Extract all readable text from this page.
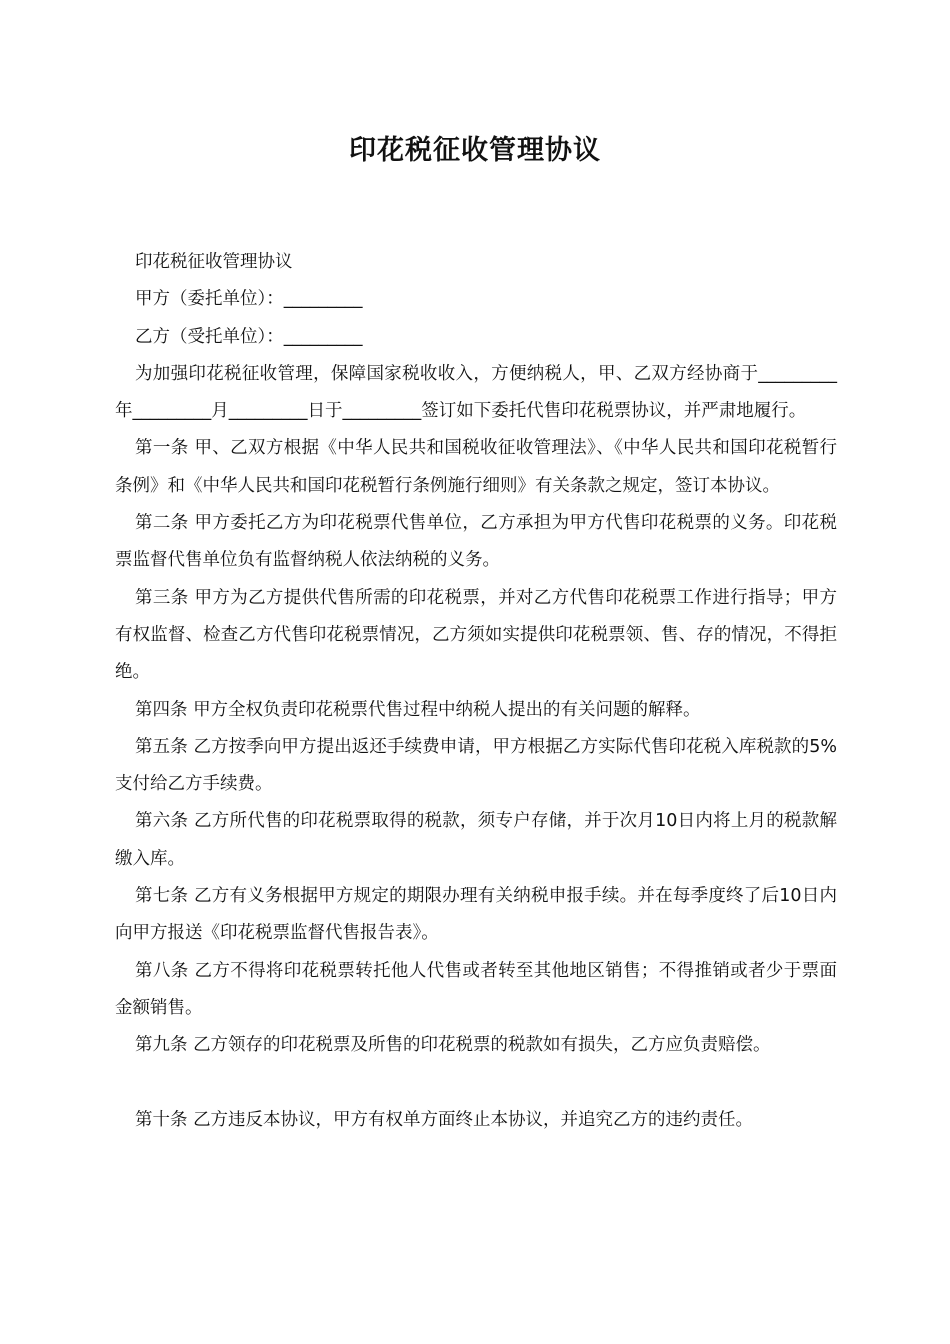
印花税征收管理协议

印花税征收管理协议

甲方（委托单位）：_________

乙方（受托单位）：_________

为加强印花税征收管理，保障国家税收收入，方便纳税人，甲、乙双方经协商于_________年_________月_________日于_________签订如下委托代售印花税票协议，并严肃地履行。

第一条 甲、乙双方根据《中华人民共和国税收征收管理法》、《中华人民共和国印花税暂行条例》和《中华人民共和国印花税暂行条例施行细则》有关条款之规定，签订本协议。

第二条 甲方委托乙方为印花税票代售单位，乙方承担为甲方代售印花税票的义务。印花税票监督代售单位负有监督纳税人依法纳税的义务。

第三条 甲方为乙方提供代售所需的印花税票，并对乙方代售印花税票工作进行指导；甲方有权监督、检查乙方代售印花税票情况，乙方须如实提供印花税票领、售、存的情况，不得拒绝。

第四条 甲方全权负责印花税票代售过程中纳税人提出的有关问题的解释。

第五条 乙方按季向甲方提出返还手续费申请，甲方根据乙方实际代售印花税入库税款的5%支付给乙方手续费。

第六条 乙方所代售的印花税票取得的税款，须专户存储，并于次月10日内将上月的税款解缴入库。

第七条 乙方有义务根据甲方规定的期限办理有关纳税申报手续。并在每季度终了后10日内向甲方报送《印花税票监督代售报告表》。

第八条 乙方不得将印花税票转托他人代售或者转至其他地区销售；不得推销或者少于票面金额销售。

第九条 乙方领存的印花税票及所售的印花税票的税款如有损失，乙方应负责赔偿。

第十条 乙方违反本协议，甲方有权单方面终止本协议，并追究乙方的违约责任。
